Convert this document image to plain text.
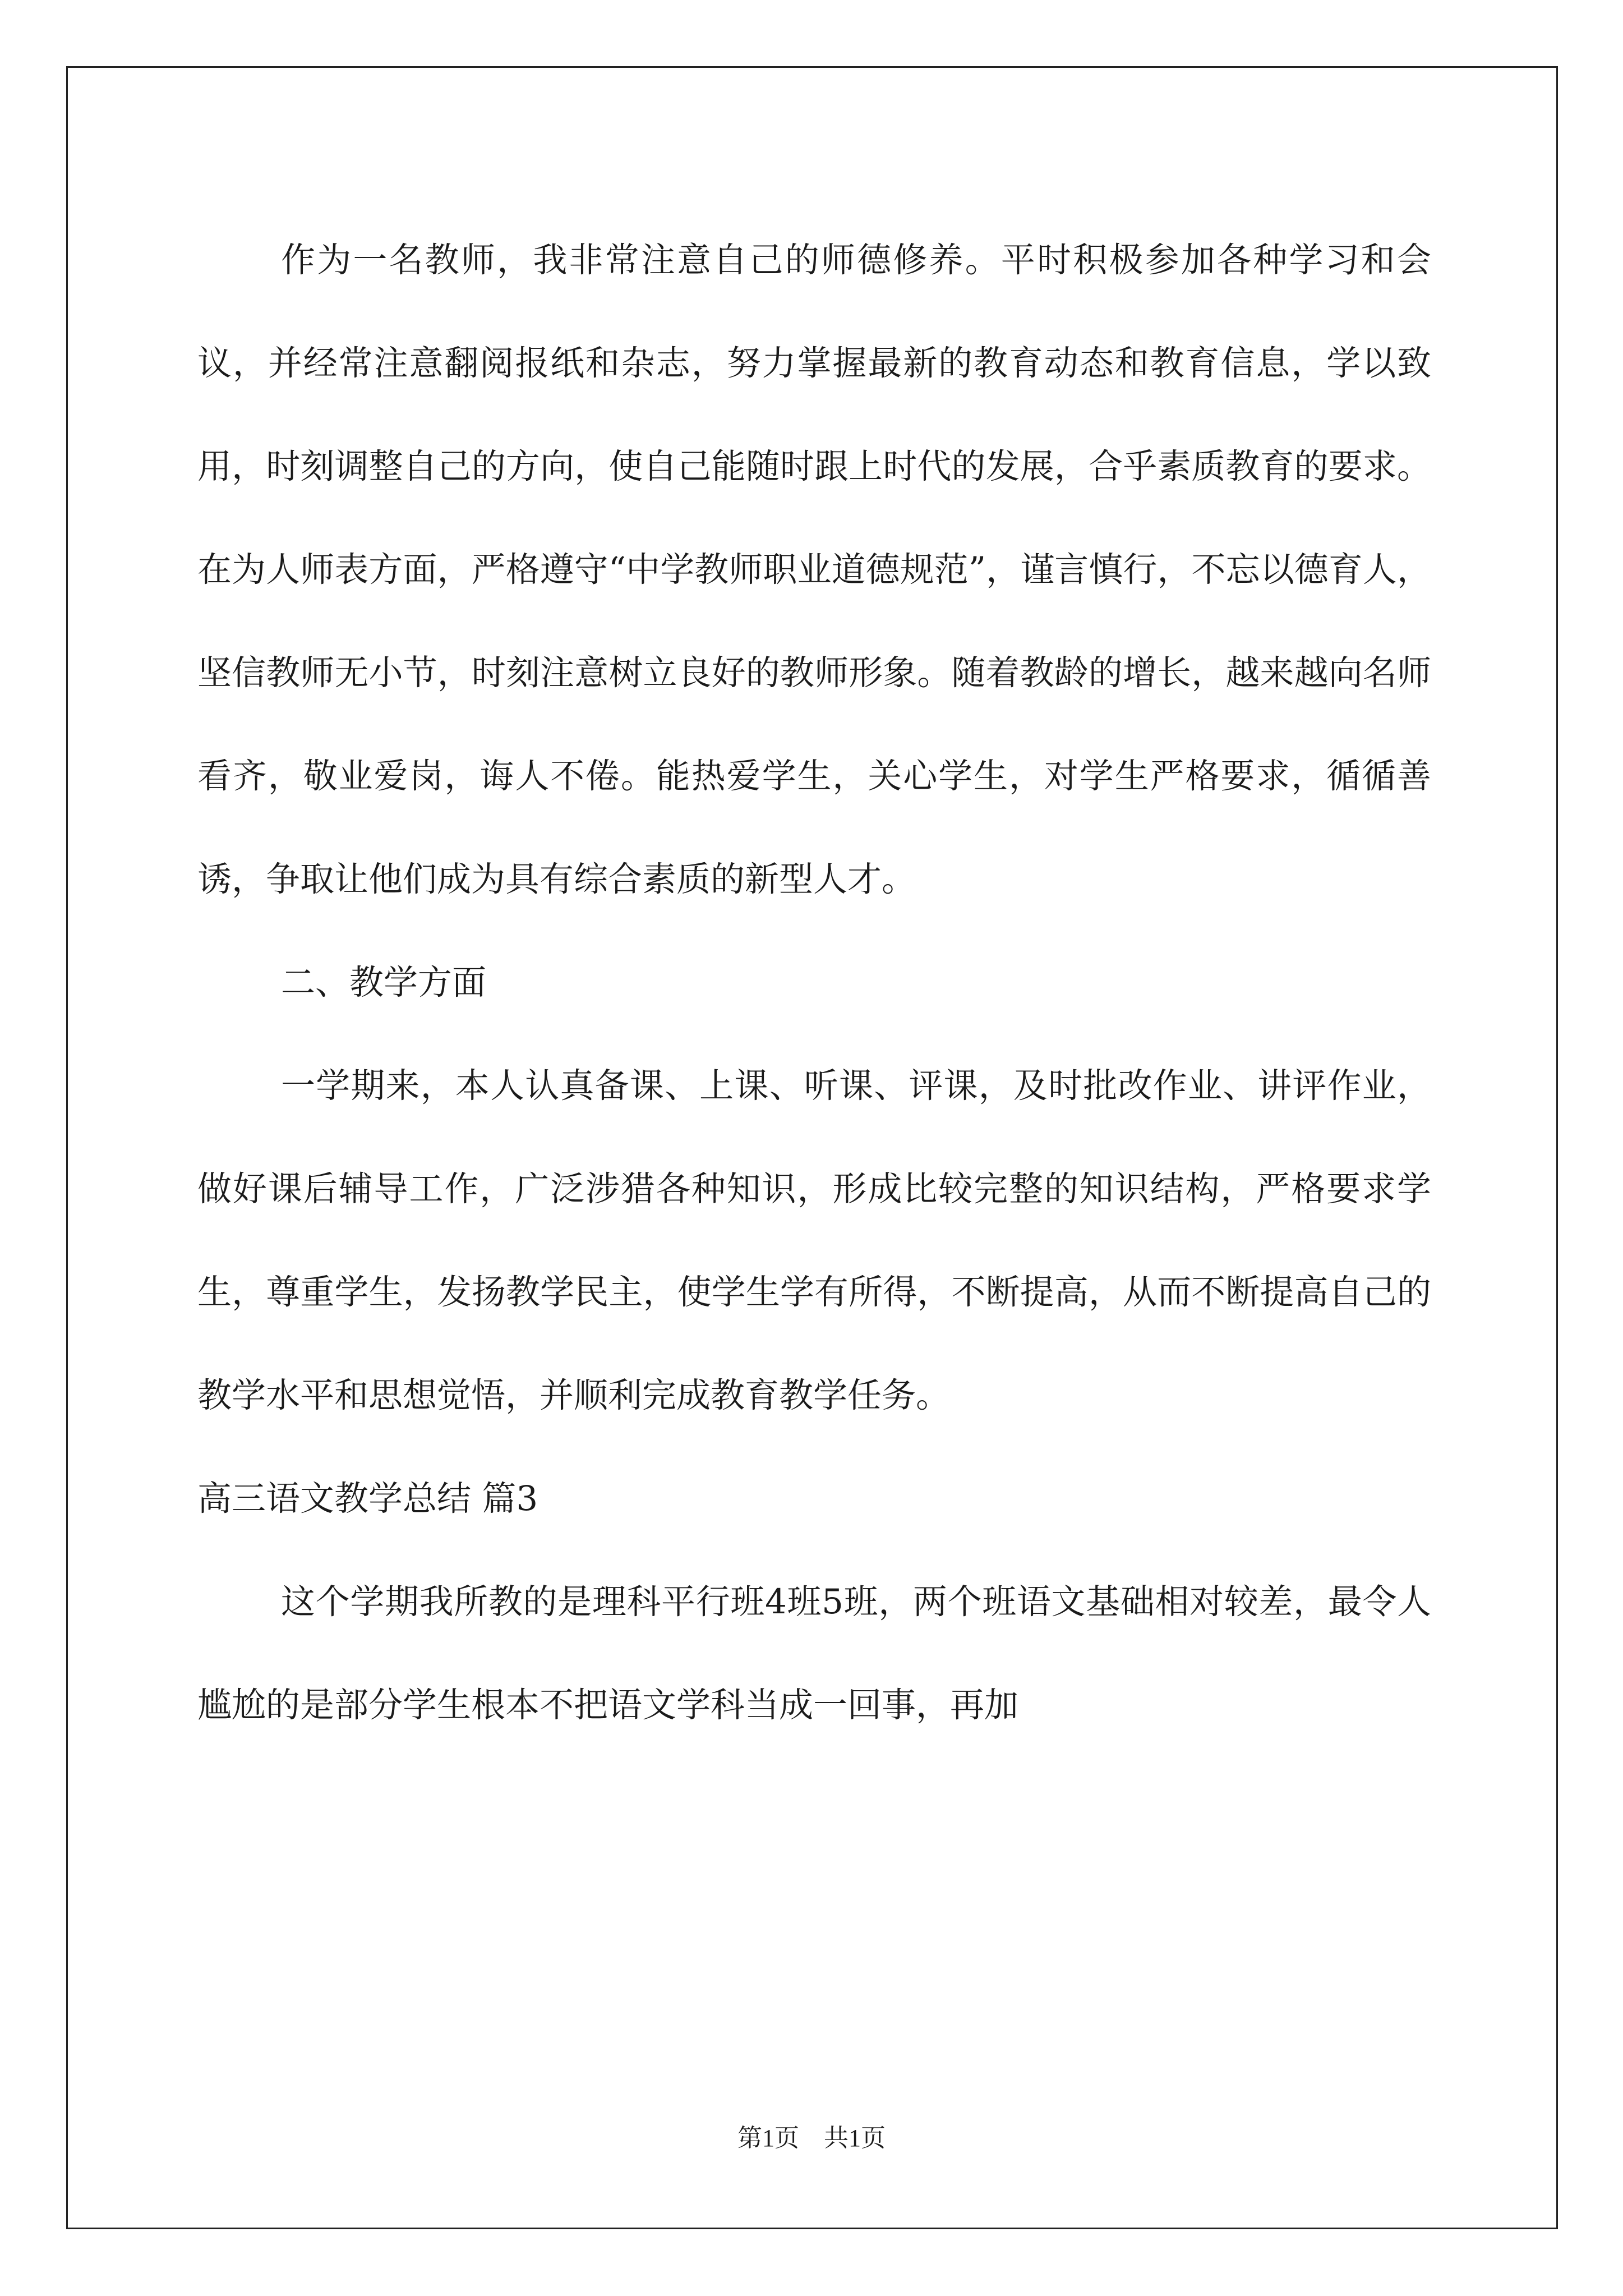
作为一名教师，我非常注意自己的师德修养。平时积极参加各种学习和会议，并经常注意翻阅报纸和杂志，努力掌握最新的教育动态和教育信息，学以致用，时刻调整自己的方向，使自己能随时跟上时代的发展，合乎素质教育的要求。在为人师表方面，严格遵守“中学教师职业道德规范”，谨言慎行，不忘以德育人，坚信教师无小节，时刻注意树立良好的教师形象。随着教龄的增长，越来越向名师看齐，敬业爱岗，诲人不倦。能热爱学生，关心学生，对学生严格要求，循循善诱，争取让他们成为具有综合素质的新型人才。

二、教学方面

一学期来，本人认真备课、上课、听课、评课，及时批改作业、讲评作业，做好课后辅导工作，广泛涉猎各种知识，形成比较完整的知识结构，严格要求学生，尊重学生，发扬教学民主，使学生学有所得，不断提高，从而不断提高自己的教学水平和思想觉悟，并顺利完成教育教学任务。

高三语文教学总结 篇3

这个学期我所教的是理科平行班4班5班，两个班语文基础相对较差，最令人尴尬的是部分学生根本不把语文学科当成一回事，再加

第1页　共1页
